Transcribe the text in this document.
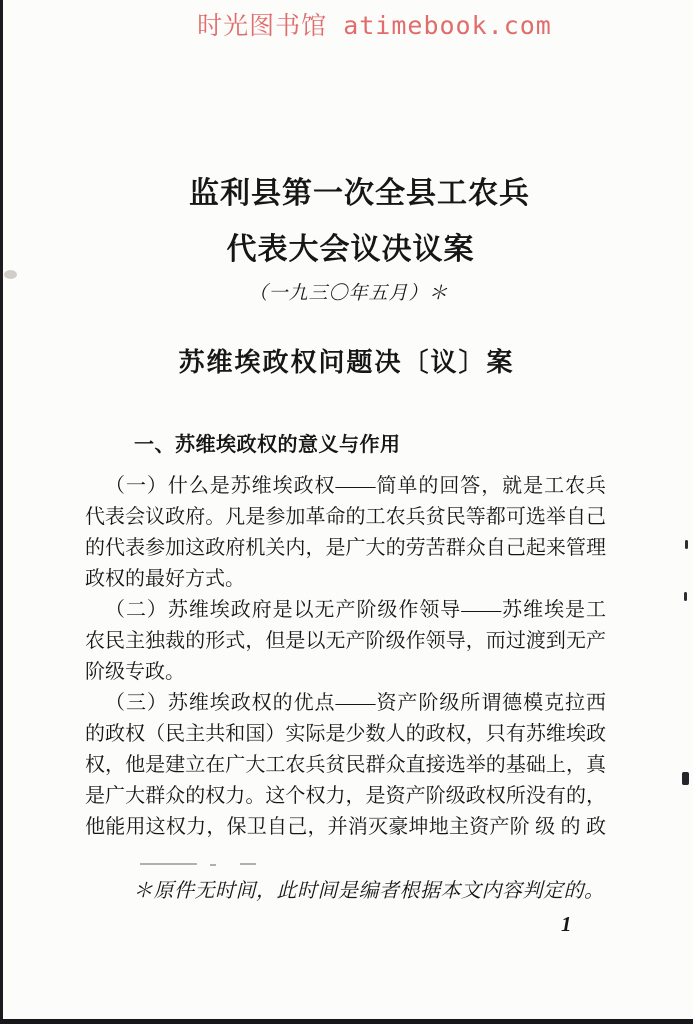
时光图书馆 atimebook.com
监利县第一次全县工农兵
代表大会议决议案
（一九三〇年五月）＊
苏维埃政权问题决〔议〕案
一、苏维埃政权的意义与作用
（一）什么是苏维埃政权——简单的回答，就是工农兵
代表会议政府。凡是参加革命的工农兵贫民等都可选举自己
的代表参加这政府机关内，是广大的劳苦群众自己起来管理
政权的最好方式。
（二）苏维埃政府是以无产阶级作领导——苏维埃是工
农民主独裁的形式，但是以无产阶级作领导，而过渡到无产
阶级专政。
（三）苏维埃政权的优点——资产阶级所谓德模克拉西
的政权（民主共和国）实际是少数人的政权，只有苏维埃政
权，他是建立在广大工农兵贫民群众直接选举的基础上，真
是广大群众的权力。这个权力，是资产阶级政权所没有的，
他能用这权力，保卫自己，并消灭豪坤地主资产阶 级 的 政
＊原件无时间，此时间是编者根据本文内容判定的。
1
